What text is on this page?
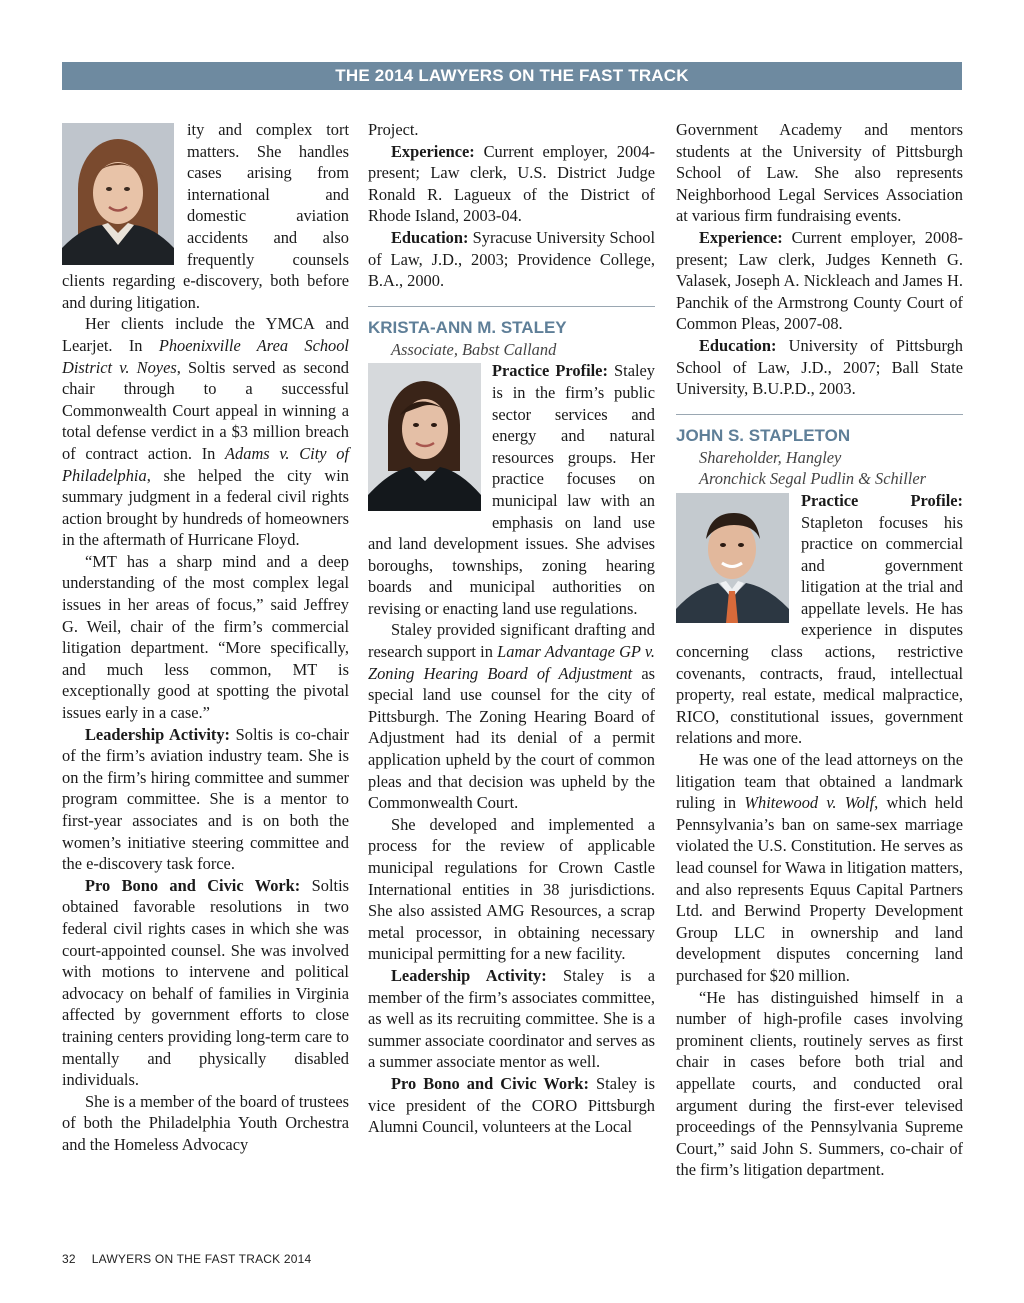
THE 2014 LAWYERS ON THE FAST TRACK

ity and complex tort matters. She handles cases arising from international and domestic aviation accidents and also frequently counsels clients regarding e-discovery, both before and during litigation.

Her clients include the YMCA and Learjet. In Phoenixville Area School District v. Noyes, Soltis served as second chair through to a successful Commonwealth Court appeal in winning a total defense verdict in a $3 million breach of contract action. In Adams v. City of Philadelphia, she helped the city win summary judgment in a federal civil rights action brought by hundreds of homeowners in the aftermath of Hurricane Floyd.

“MT has a sharp mind and a deep understanding of the most complex legal issues in her areas of focus,” said Jeffrey G. Weil, chair of the firm’s commercial litigation department. “More specifically, and much less common, MT is exceptionally good at spotting the pivotal issues early in a case.”

Leadership Activity: Soltis is co-chair of the firm’s aviation industry team. She is on the firm’s hiring committee and summer program committee. She is a mentor to first-year associates and is on both the women’s initiative steering committee and the e-discovery task force.

Pro Bono and Civic Work: Soltis obtained favorable resolutions in two federal civil rights cases in which she was court-appointed counsel. She was involved with motions to intervene and political advocacy on behalf of families in Virginia affected by government efforts to close training centers providing long-term care to mentally and physically disabled individuals.

She is a member of the board of trustees of both the Philadelphia Youth Orchestra and the Homeless Advocacy

Project.

Experience: Current employer, 2004-present; Law clerk, U.S. District Judge Ronald R. Lagueux of the District of Rhode Island, 2003-04.

Education: Syracuse University School of Law, J.D., 2003; Providence College, B.A., 2000.

KRISTA-ANN M. STALEY

Associate, Babst Calland

Practice Profile: Staley is in the firm’s public sector services and energy and natural resources groups. Her practice focuses on municipal law with an emphasis on land use and land development issues. She advises boroughs, townships, zoning hearing boards and municipal authorities on revising or enacting land use regulations.

Staley provided significant drafting and research support in Lamar Advantage GP v. Zoning Hearing Board of Adjustment as special land use counsel for the city of Pittsburgh. The Zoning Hearing Board of Adjustment had its denial of a permit application upheld by the court of common pleas and that decision was upheld by the Commonwealth Court.

She developed and implemented a process for the review of applicable municipal regulations for Crown Castle International entities in 38 jurisdictions. She also assisted AMG Resources, a scrap metal processor, in obtaining necessary municipal permitting for a new facility.

Leadership Activity: Staley is a member of the firm’s associates committee, as well as its recruiting committee. She is a summer associate coordinator and serves as a summer associate mentor as well.

Pro Bono and Civic Work: Staley is vice president of the CORO Pittsburgh Alumni Council, volunteers at the Local

Government Academy and mentors students at the University of Pittsburgh School of Law. She also represents Neighborhood Legal Services Association at various firm fundraising events.

Experience: Current employer, 2008-present; Law clerk, Judges Kenneth G. Valasek, Joseph A. Nickleach and James H. Panchik of the Armstrong County Court of Common Pleas, 2007-08.

Education: University of Pittsburgh School of Law, J.D., 2007; Ball State University, B.U.P.D., 2003.

JOHN S. STAPLETON

Shareholder, Hangley

Aronchick Segal Pudlin & Schiller

Practice Profile: Stapleton focuses his practice on commercial and government litigation at the trial and appellate levels. He has experience in disputes concerning class actions, restrictive covenants, contracts, fraud, intellectual property, real estate, medical malpractice, RICO, constitutional issues, government relations and more.

He was one of the lead attorneys on the litigation team that obtained a landmark ruling in Whitewood v. Wolf, which held Pennsylvania’s ban on same-sex marriage violated the U.S. Constitution. He serves as lead counsel for Wawa in litigation matters, and also represents Equus Capital Partners Ltd. and Berwind Property Development Group LLC in ownership and land development disputes concerning land purchased for $20 million.

“He has distinguished himself in a number of high-profile cases involving prominent clients, routinely serves as first chair in cases before both trial and appellate courts, and conducted oral argument during the first-ever televised proceedings of the Pennsylvania Supreme Court,” said John S. Summers, co-chair of the firm’s litigation department.

32 LAWYERS ON THE FAST TRACK 2014
